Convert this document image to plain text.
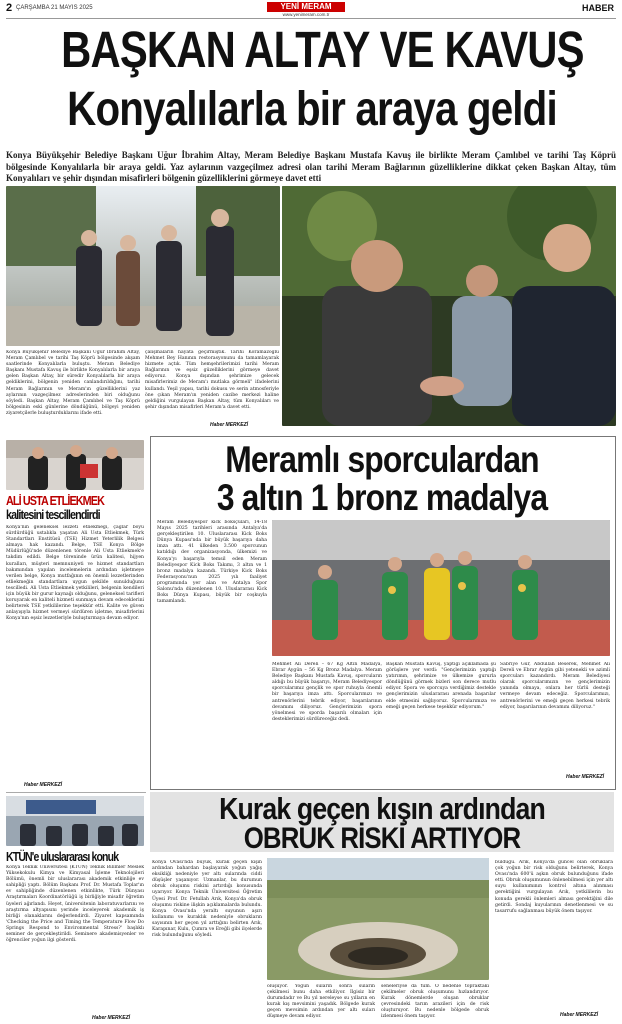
2 ÇARŞAMBA 21 MAYIS 2025	YENİ MERAM
www.yenimeram.com.tr
HABER
BAŞKAN ALTAY VE KAVUŞ
Konyalılarla bir araya geldi
Konya Büyükşehir Belediye Başkanı Uğur İbrahim Altay, Meram Belediye Başkanı Mustafa Kavuş ile birlikte Meram Çamlıbel ve tarihi Taş Köprü bölgesinde Konyalılarla bir araya geldi. Yaz aylarının vazgeçilmez adresi olan tarihi Meram Bağlarının güzelliklerine dikkat çeken Başkan Altay, tüm Konyalıları ve şehir dışından misafirleri bölgenin güzelliklerini görmeye davet etti
Konya Büyükşehir Belediye Başkanı Uğur İbrahim Altay, Meram Çamlıbel ve tarihi Taş Köprü bölgesinde akşam saatlerinde Konyalılarla buluştu. Meram Belediye Başkanı Mustafa Kavuş ile birlikte Konyalılarla bir araya gelen Başkan Altay, bir süredir Konyalılarla bir araya geldiklerini, bölgenin yeniden canlandırıldığını, tarihi Meram Bağlarının ve Meram'ın güzelliklerini yaz aylarının vazgeçilmez adreslerinden biri olduğunu söyledi. Başkan Altay, Meram Çamlıbel ve Taş Köprü bölgesinin eski günlerine döndüğünü, bölgeyi yeniden ziyaretçilerle buluşturduklarını ifade etti.
çalışmaların hayata geçirmiştik. Tarihi Köramazoğlu Mehmet Bey Hanının restorasyonunu da tamamlayarak hizmete açtık. Tüm hemşehrilerimizi tarihi Meram Bağlarının ve eşsiz güzelliklerini görmeye davet ediyoruz. Konya dışından şehrimize gelecek misafirlerimiz de Meram'ı mutlaka görmeli" ifadelerini kullandı. Yeşil yapısı, tarihi dokusu ve serin atmosferiyle öne çıkan Meram'ın yeniden cazibe merkezi haline geldiğini vurgulayan Başkan Altay, tüm Konyalıları ve şehir dışından misafirleri Meram'a davet etti.
Haber MERKEZİ
ALİ USTA ETLİEKMEK
kalitesini tescillendirdi
Konya'nın geleneksel lezzeti etliekmeği, çağlar boyu sürdürdüğü ustalıkla yaşatan Ali Usta Etliekmek, Türk Standartları Enstitüsü (TSE) Hizmet Yeterlilik Belgesi almaya hak kazandı. Belge, TSE Konya Bölge Müdürlüğü'nde düzenlenen törenle Ali Usta Etliekmek'e takdim edildi. Belge töreninde ürün kalitesi, hijyen kuralları, müşteri memnuniyeti ve hizmet standartları bakımından yapılan incelemelerin ardından işletmeye verilen belge, Konya mutfağının en önemli lezzetlerinden etliekmeğin standartlara uygun şekilde sunulduğunu tescilledi. Ali Usta Etliekmek yetkilileri, belgenin kendileri için büyük bir gurur kaynağı olduğunu, geleneksel tarifleri koruyarak en kaliteli hizmeti sunmaya devam edeceklerini belirterek TSE yetkililerine teşekkür etti. Kalite ve güven anlayışıyla hizmet vermeyi sürdüren işletme, misafirlerini Konya'nın eşsiz lezzetleriyle buluşturmaya devam ediyor.
Haber MERKEZİ
Meramlı sporculardan
3 altın 1 bronz madalya
Meram Belediyespor kick boksçuları, 14-18 Mayıs 2025 tarihleri arasında Antalya'da gerçekleştirilen 10. Uluslararası Kick Boks Dünya Kupası'nda bir büyük başarıya daha imza attı. 41 ülkeden 3.500 sporcunun katıldığı dev organizasyonda, ülkemizi ve Konya'yı başarıyla temsil eden Meram Belediyespor Kick Boks Takımı, 3 altın ve 1 bronz madalya kazandı. Türkiye Kick Boks Federasyonu'nun 2025 yılı faaliyet programında yer alan ve Antalya Spor Salonu'nda düzenlenen 10. Uluslararası Kick Boks Dünya Kupası, büyük bir coşkuyla tamamlandı.
Mehmet Ali Dereli – 67 Kg Altın Madalya, Ebrar Aygün – 56 Kg Bronz Madalya. Meram Belediye Başkanı Mustafa Kavuş, sporcuların aldığı bu büyük başarıyı, Meram Belediyespor sporcularımız gençlik ve spor ruhuyla önemli bir başarıya imza attı. Sporcularımızı ve antrenörlerini tebrik ediyor, başarılarının devamını diliyoruz. Gençlerimizin spora yönelmesi ve sporda başarılı olmaları için desteklerimizi sürdüreceğiz dedi.
Başkan Mustafa Kavuş, yaptığı açıklamada şu görüşlere yer verdi: "Gençlerimizin yaptığı yatırımın, şehrimize ve ülkemize gururla döndüğünü görmek bizleri son derece mutlu ediyor. Spora ve sporcuya verdiğimiz destekle gençlerimizin uluslararası arenada başarılar elde etmesini sağlıyoruz. Sporcularımıza ve emeği geçen herkese teşekkür ediyorum."
Sabriye Gür, Abdullah Beserek, Mehmet Ali Dereli ve Ebrar Aygün gibi yetenekli ve azimli sporcuları kazandırdı. Meram Belediyesi olarak sporcularımızın ve gençlerimizin yanında olmaya, onlara her türlü desteği vermeye devam edeceğiz. Sporcularımızı, antrenörlerini ve emeği geçen herkesi tebrik ediyor, başarılarının devamını diliyoruz."
Haber MERKEZİ
KTÜN'e uluslararası konuk
Konya Teknik Üniversitesi (KTÜN) Teknik Bilimler Meslek Yüksekokulu Kimya ve Kimyasal İşleme Teknolojileri Bölümü, önemli bir uluslararası akademik etkinliğe ev sahipliği yaptı. Bölüm Başkanı Prof. Dr. Mustafa Toplar'ın ev sahipliğinde düzenlenen etkinlikte, Türk Dünyası Araştırmaları Koordinatörlüğü iş birliğiyle misafir öğretim üyeleri ağırlandı. Heyet, üniversitenin laboratuvarlarını ve araştırma altyapısını yerinde inceleyerek akademik iş birliği olanaklarını değerlendirdi. Ziyaret kapsamında 'Checking the Price and Timing the Temperature Flow Do Springs Respond to Environmental Stress?' başlıklı seminer de gerçekleştirildi. Seminere akademisyenler ve öğrenciler yoğun ilgi gösterdi.
Haber MERKEZİ
Kurak geçen kışın ardından
OBRUK RİSKİ ARTIYOR
Konya Ovası'nda büyük, kurak geçen kışın ardından bahardan başlayarak yoğun yağış eksikliği nedeniyle yer altı sularında ciddi düşüşler yaşanıyor. Uzmanlar, bu durumun obruk oluşumu riskini artırdığı konusunda uyarıyor. Konya Teknik Üniversitesi Öğretim Üyesi Prof. Dr. Fetullah Arık, Konya'da obruk oluşumu riskine ilişkin açıklamalarda bulundu. Konya Ovası'nda yeraltı suyunun aşırı kullanımı ve kuraklık nedeniyle obrukların sayısının her geçen yıl arttığını belirten Arık, Karapınar, Kulu, Çumra ve Ereğli gibi ilçelerde risk bulunduğunu söyledi.
oluşuyor. Yoğun suların sonra suların çekilmesi bunu daha etkiliyor. Ilgisiz bir durumdadır ve Bu yıl nereleyse su yılların en kurak kış mevsimini yaşadık. Bölgede kurak geçen mevsimin ardından yer altı suları düşmeye devam ediyor.
seneleriyse da tüm. O nedenle topraktaki çekilmeler obruk oluşumunu hızlandırıyor. Kurak dönemlerde oluşan obruklar çevresindeki tarım arazileri için de risk oluşturuyor. Bu nedenle bölgede obruk izlenmesi önem taşıyor.
bulduğu. Arık, Konya'da güncel olan obruklara çok yoğun bir risk olduğunu belirterek, Konya Ovası'nda 600'ü aşkın obruk bulunduğunu ifade etti. Obruk oluşumunun önlenebilmesi için yer altı suyu kullanımının kontrol altına alınması gerektiğini vurgulayan Arık, yetkililerin bu konuda gerekli önlemleri alması gerektiğini dile getirdi. Sondaj kuyularının denetlenmesi ve su tasarrufu sağlanması büyük önem taşıyor.
Haber MERKEZİ
